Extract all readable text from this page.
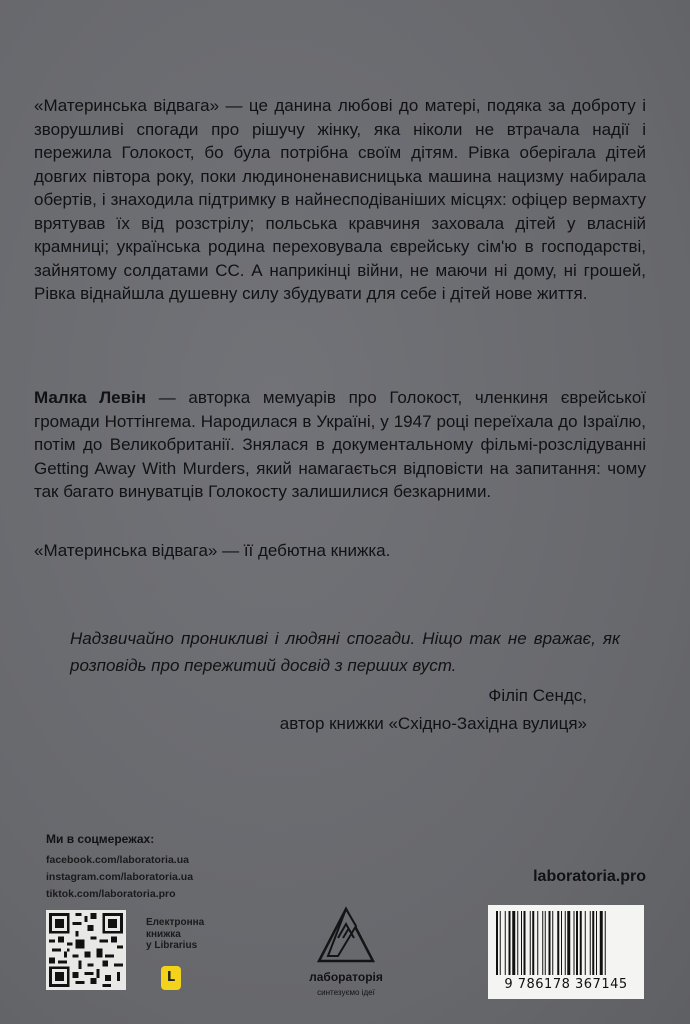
«Материнська відвага» — це данина любові до матері, подяка за доброту і зворушливі спогади про рішучу жінку, яка ніколи не втрачала надії і пережила Голокост, бо була потрібна своїм дітям. Рівка оберігала дітей довгих півтора року, поки людиноненависницька машина нацизму набирала обертів, і знаходила підтримку в найнесподіваніших місцях: офіцер вермахту врятував їх від розстрілу; польська кравчиня заховала дітей у власній крамниці; українська родина переховувала єврейську сім'ю в господарстві, зайнятому солдатами СС. А наприкінці війни, не маючи ні дому, ні грошей, Рівка віднайшла душевну силу збудувати для себе і дітей нове життя.

Малка Левін — авторка мемуарів про Голокост, членкиня єврейської громади Ноттінгема. Народилася в Україні, у 1947 році переїхала до Ізраїлю, потім до Великобританії. Знялася в документальному фільмі-розслідуванні Getting Away With Murders, який намагається відповісти на запитання: чому так багато винуватців Голокосту залишилися безкарними.

«Материнська відвага» — її дебютна книжка.

Надзвичайно проникливі і людяні спогади. Ніщо так не вражає, як розповідь про пережитий досвід з перших вуст.

Філіп Сендс,
автор книжки «Східно-Західна вулиця»
Ми в соцмережах:
facebook.com/laboratoria.ua
instagram.com/laboratoria.ua
tiktok.com/laboratoria.pro
Електронна
книжка
у Librarius
L	лабораторія
синтезуємо ідеї
laboratoria.pro
9 786178 367145
